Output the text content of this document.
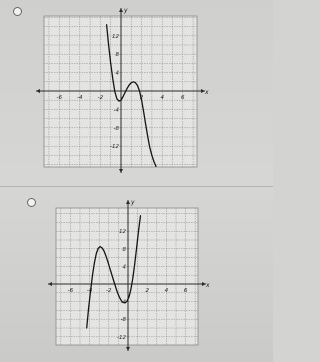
x
y
-6	-4	-2	2	4	6
12
8
4
-4
-8
-12
x
y
-6 -4 -2	2	4	6
12
8
4
-4
-8
-12
